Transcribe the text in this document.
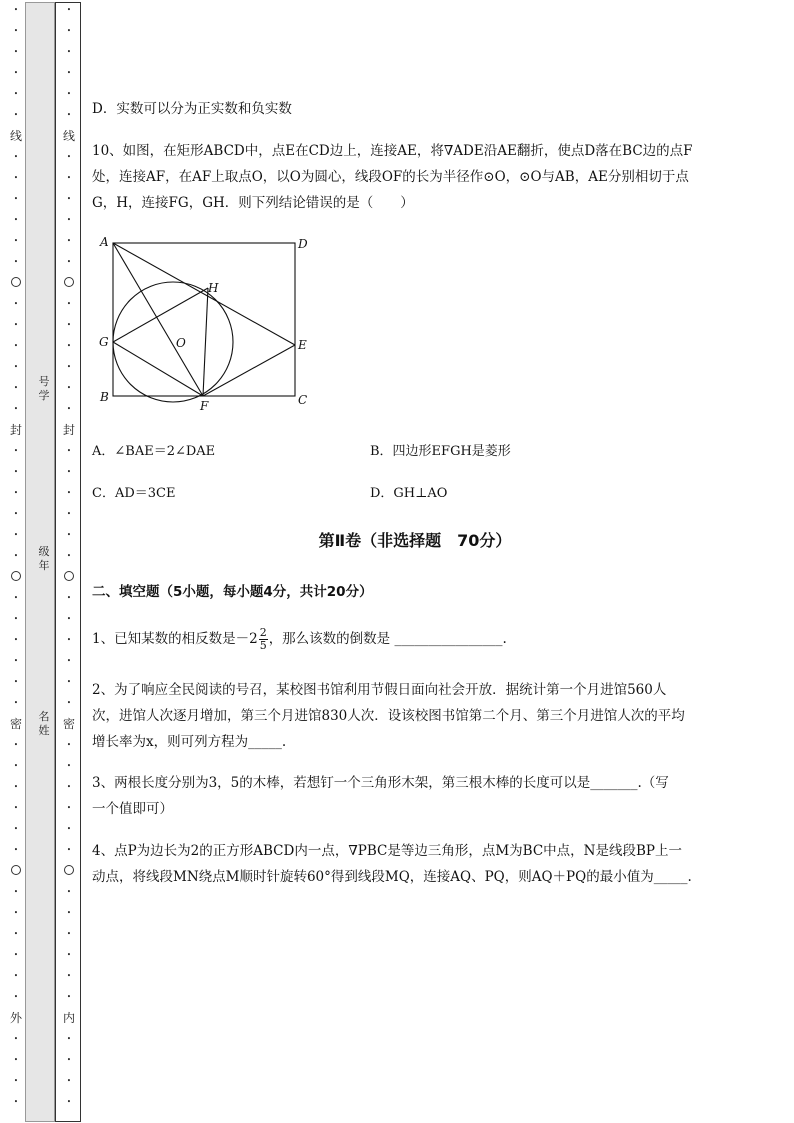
•
•
•
•
•
•
线
•
•
•
•
•
•
•
•
•
•
•
•
封
•
•
•
•
•
•
•
•
•
•
•
•
密
•
•
•
•
•
•
•
•
•
•
•
•
外
•
•
•
•
•
•
•
•
•
•
线
•
•
•
•
•
•
•
•
•
•
•
•
封
•
•
•
•
•
•
•
•
•
•
•
•
密
•
•
•
•
•
•
•
•
•
•
•
•
内
•
•
•
•
号
学
级
年
名
姓
D．实数可以分为正实数和负实数
10、如图，在矩形ABCD中，点E在CD边上，连接AE，将∇ADE沿AE翻折，使点D落在BC边的点F
处，连接AF，在AF上取点O，以O为圆心，线段OF的长为半径作⊙O，⊙O与AB，AE分别相切于点
G，H，连接FG，GH．则下列结论错误的是（　　）
A	D
H
G	O	E
B
F	C
A．∠BAE＝2∠DAE	B．四边形EFGH是菱形
C．AD＝3CE	D．GH⊥AO
第Ⅱ卷（非选择题　70分）
二、填空题（5小题，每小题4分，共计20分）
1、已知某数的相反数是$-2 \frac{2}{5}$ ，那么该数的倒数是 ________________.
2、为了响应全民阅读的号召，某校图书馆利用节假日面向社会开放．据统计第一个月进馆560人
次，进馆人次逐月增加，第三个月进馆830人次．设该校图书馆第二个月、第三个月进馆人次的平均
增长率为x，则可列方程为_____.
3、两根长度分别为3，5的木棒，若想钉一个三角形木架，第三根木棒的长度可以是_______.（写
一个值即可）
4、点P为边长为2的正方形ABCD内一点，∇PBC是等边三角形，点M为BC中点，N是线段BP上一
动点，将线段MN绕点M顺时针旋转60°得到线段MQ，连接AQ、PQ，则AQ＋PQ的最小值为_____.
